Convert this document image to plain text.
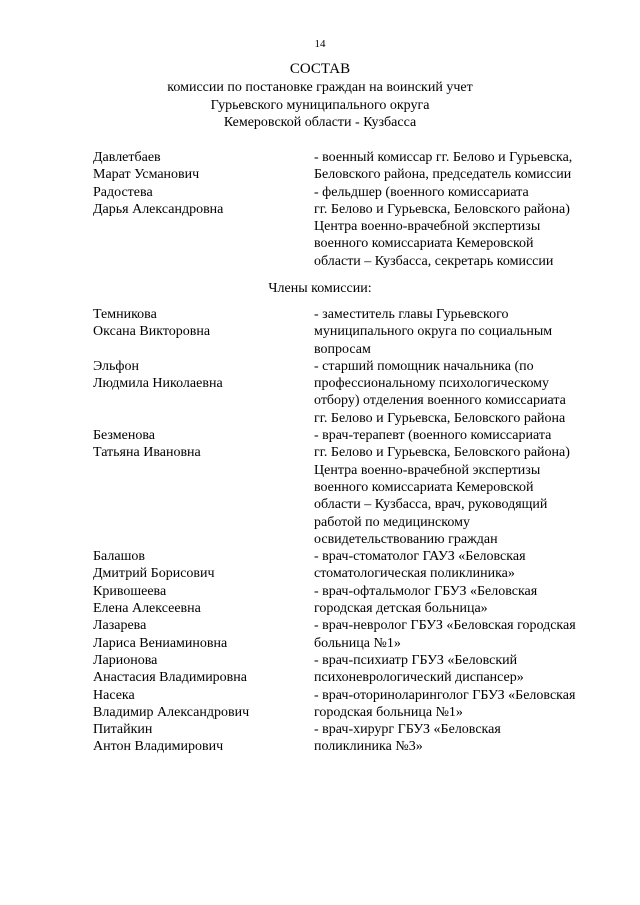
14
СОСТАВ
комиссии по постановке граждан на воинский учет
Гурьевского муниципального округа
Кемеровской области - Кузбасса
Давлетбаев
Марат Усманович
- военный комиссар гг. Белово и Гурьевска,
Беловского района, председатель комиссии
Радостева
Дарья Александровна
- фельдшер (военного комиссариата
гг. Белово и Гурьевска, Беловского района)
Центра военно-врачебной экспертизы
военного комиссариата Кемеровской
области – Кузбасса, секретарь комиссии
Члены комиссии:
Темникова
Оксана Викторовна
- заместитель главы Гурьевского
муниципального округа по социальным
вопросам
Эльфон
Людмила Николаевна
- старший помощник начальника (по
профессиональному психологическому
отбору) отделения военного комиссариата
гг. Белово и Гурьевска, Беловского района
Безменова
Татьяна Ивановна
- врач-терапевт (военного комиссариата
гг. Белово и Гурьевска, Беловского района)
Центра военно-врачебной экспертизы
военного комиссариата Кемеровской
области – Кузбасса, врач, руководящий
работой по медицинскому
освидетельствованию граждан
Балашов
Дмитрий Борисович
- врач-стоматолог ГАУЗ «Беловская
стоматологическая поликлиника»
Кривошеева
Елена Алексеевна
- врач-офтальмолог ГБУЗ «Беловская
городская детская больница»
Лазарева
Лариса Вениаминовна
- врач-невролог ГБУЗ «Беловская городская
больница №1»
Ларионова
Анастасия Владимировна
- врач-психиатр ГБУЗ «Беловский
психоневрологический диспансер»
Насека
Владимир Александрович
- врач-оториноларинголог ГБУЗ «Беловская
городская больница №1»
Питайкин
Антон Владимирович
- врач-хирург ГБУЗ «Беловская
поликлиника №3»
